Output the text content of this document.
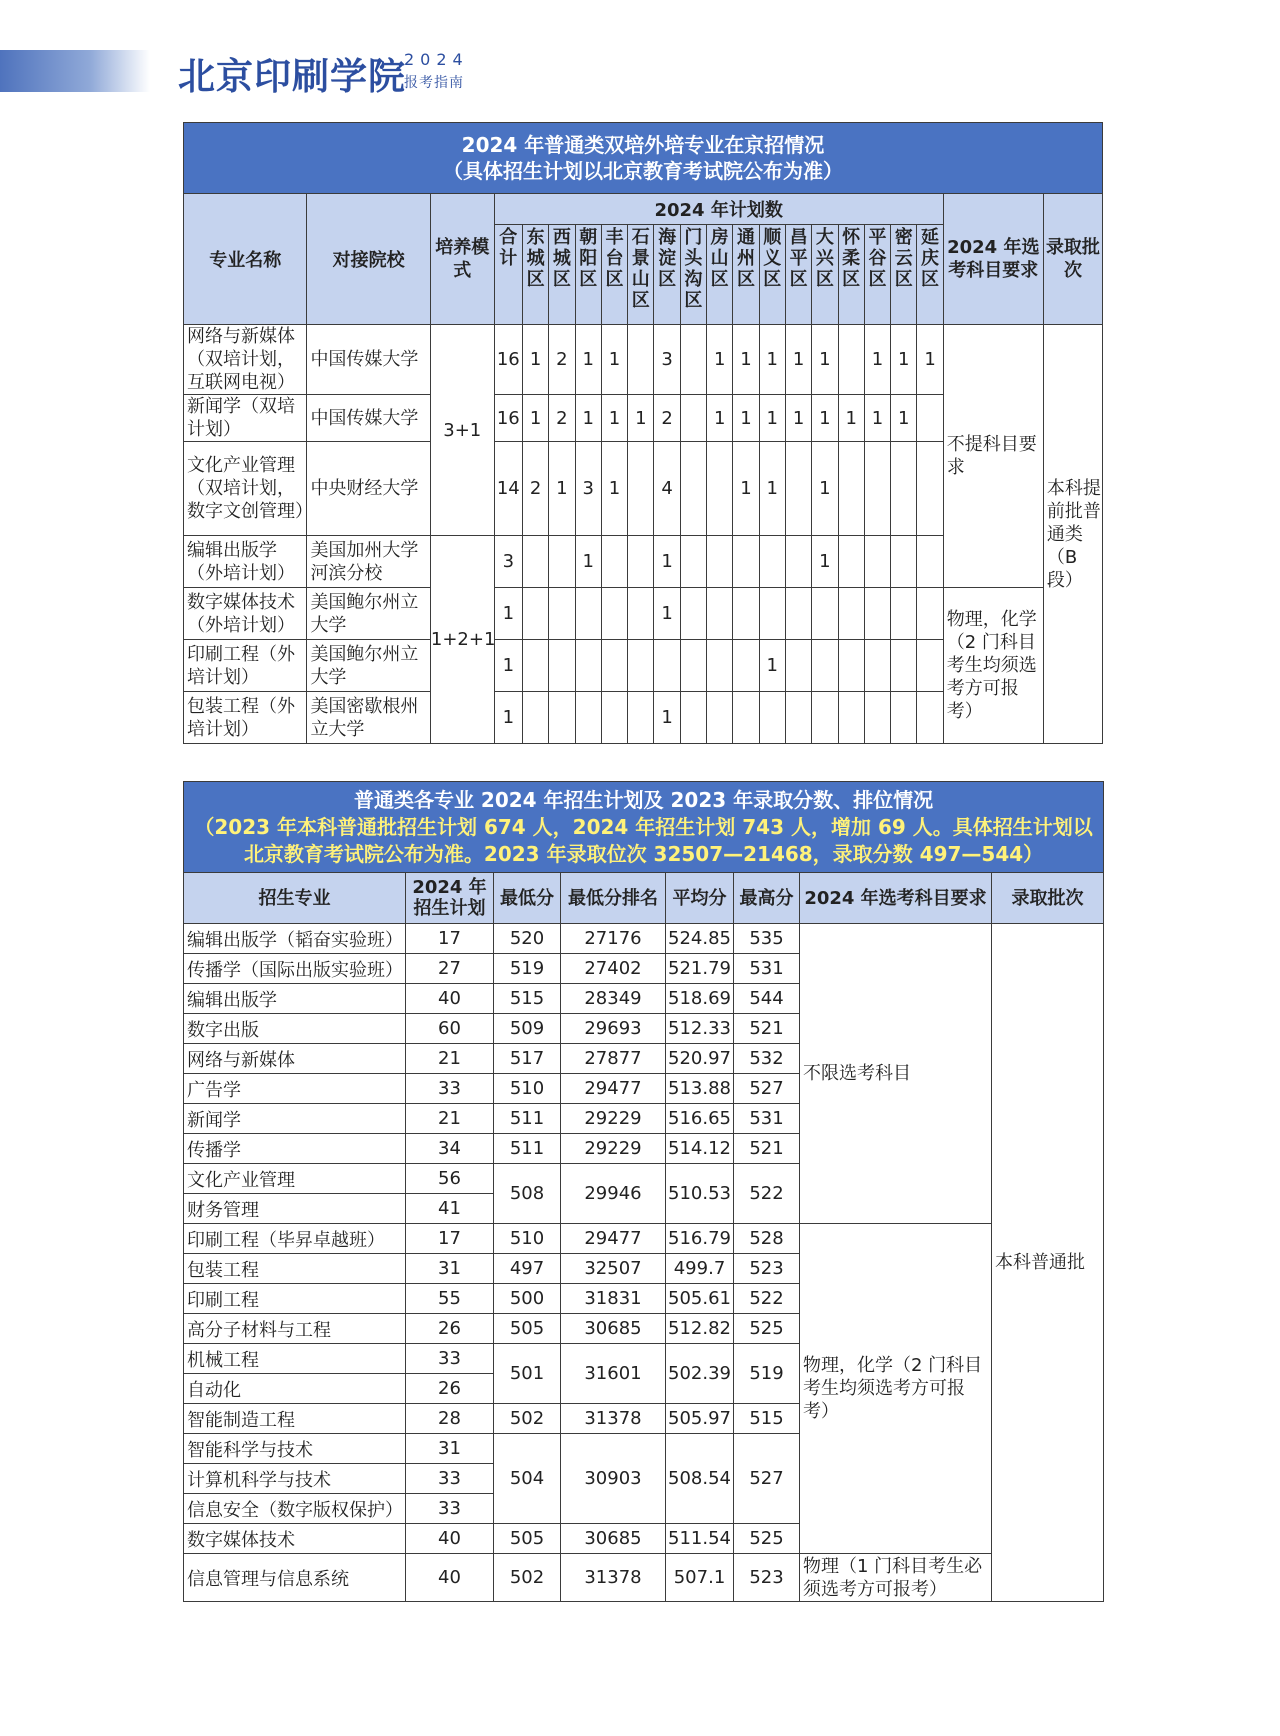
北京印刷学院
2024
报考指南
2024 年普通类双培外培专业在京招情况
（具体招生计划以北京教育考试院公布为准）																					

专业名称	对接院校	培养模式	2024 年计划数																	2024 年选考科目要求	录取批次
			合计	东城区	西城区	朝阳区	丰台区	石景山区	海淀区	门头沟区	房山区	通州区	顺义区	昌平区	大兴区	怀柔区	平谷区	密云区	延庆区		
网络与新媒体（双培计划，互联网电视）	中国传媒大学	3+1	16	1	2	1	1		3		1	1	1	1	1		1	1	1	不提科目要求	本科提前批普通类（B 段）
新闻学（双培计划）	中国传媒大学		16	1	2	1	1	1	2		1	1	1	1	1	1	1	1			
文化产业管理（双培计划，数字文创管理）	中央财经大学		14	2	1	3	1		4			1	1		1						
编辑出版学（外培计划）	美国加州大学河滨分校	1+2+1	3			1			1						1						
数字媒体技术（外培计划）	美国鲍尔州立大学		1						1											物理，化学（2 门科目考生均须选考方可报考）	
印刷工程（外培计划）	美国鲍尔州立大学		1										1								
包装工程（外培计划）	美国密歇根州立大学		1						1												
普通类各专业 2024 年招生计划及 2023 年录取分数、排位情况
（2023 年本科普通批招生计划 674 人，2024 年招生计划 743 人，增加 69 人。具体招生计划以
北京教育考试院公布为准。2023 年录取位次 32507—21468，录取分数 497—544）							

招生专业	2024 年招生计划	最低分	最低分排名	平均分	最高分	2024 年选考科目要求	录取批次
编辑出版学（韬奋实验班）	17	520	27176	524.85	535	不限选考科目	本科普通批
传播学（国际出版实验班）	27	519	27402	521.79	531		
编辑出版学	40	515	28349	518.69	544		
数字出版	60	509	29693	512.33	521		
网络与新媒体	21	517	27877	520.97	532		
广告学	33	510	29477	513.88	527		
新闻学	21	511	29229	516.65	531		
传播学	34	511	29229	514.12	521		
文化产业管理	56	508	29946	510.53	522		
财务管理	41						
印刷工程（毕昇卓越班）	17	510	29477	516.79	528	物理，化学（2 门科目考生均须选考方可报考）	
包装工程	31	497	32507	499.7	523		
印刷工程	55	500	31831	505.61	522		
高分子材料与工程	26	505	30685	512.82	525		
机械工程	33	501	31601	502.39	519		
自动化	26						
智能制造工程	28	502	31378	505.97	515		
智能科学与技术	31	504	30903	508.54	527		
计算机科学与技术	33						
信息安全（数字版权保护）	33						
数字媒体技术	40	505	30685	511.54	525		
信息管理与信息系统	40	502	31378	507.1	523	物理（1 门科目考生必须选考方可报考）	
